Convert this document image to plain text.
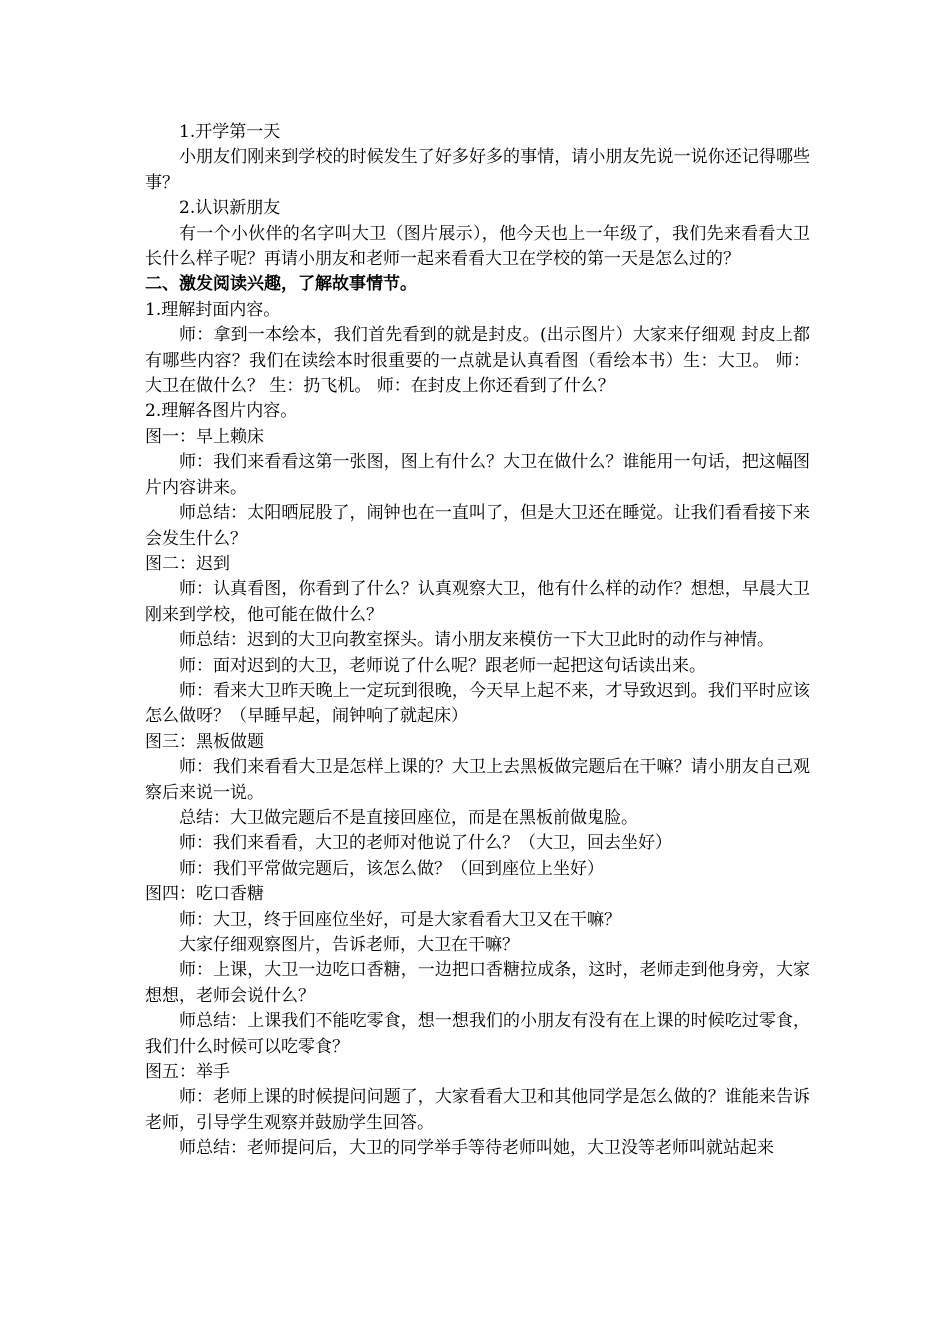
1.开学第一天

小朋友们刚来到学校的时候发生了好多好多的事情，请小朋友先说一说你还记得哪些事？

2.认识新朋友

有一个小伙伴的名字叫大卫（图片展示），他今天也上一年级了，我们先来看看大卫长什么样子呢？再请小朋友和老师一起来看看大卫在学校的第一天是怎么过的？

二、激发阅读兴趣，了解故事情节。

1.理解封面内容。

师：拿到一本绘本，我们首先看到的就是封皮。(出示图片）大家来仔细观 封皮上都有哪些内容？我们在读绘本时很重要的一点就是认真看图（看绘本书）生：大卫。 师：大卫在做什么？ 生：扔飞机。 师：在封皮上你还看到了什么？

2.理解各图片内容。

图一：早上赖床

师：我们来看看这第一张图，图上有什么？大卫在做什么？谁能用一句话，把这幅图片内容讲来。

师总结：太阳晒屁股了，闹钟也在一直叫了，但是大卫还在睡觉。让我们看看接下来会发生什么？

图二：迟到

师：认真看图，你看到了什么？认真观察大卫，他有什么样的动作？想想，早晨大卫刚来到学校，他可能在做什么？

师总结：迟到的大卫向教室探头。请小朋友来模仿一下大卫此时的动作与神情。

师：面对迟到的大卫，老师说了什么呢？跟老师一起把这句话读出来。

师：看来大卫昨天晚上一定玩到很晚，今天早上起不来，才导致迟到。我们平时应该怎么做呀？（早睡早起，闹钟响了就起床）

图三：黑板做题

师：我们来看看大卫是怎样上课的？大卫上去黑板做完题后在干嘛？请小朋友自己观察后来说一说。

总结：大卫做完题后不是直接回座位，而是在黑板前做鬼脸。

师：我们来看看，大卫的老师对他说了什么？（大卫，回去坐好）

师：我们平常做完题后，该怎么做？（回到座位上坐好）

图四：吃口香糖

师：大卫，终于回座位坐好，可是大家看看大卫又在干嘛？

大家仔细观察图片，告诉老师，大卫在干嘛？

师：上课，大卫一边吃口香糖，一边把口香糖拉成条，这时，老师走到他身旁，大家想想，老师会说什么？

师总结：上课我们不能吃零食，想一想我们的小朋友有没有在上课的时候吃过零食，我们什么时候可以吃零食？

图五：举手

师：老师上课的时候提问问题了，大家看看大卫和其他同学是怎么做的？谁能来告诉老师，引导学生观察并鼓励学生回答。

师总结：老师提问后，大卫的同学举手等待老师叫她，大卫没等老师叫就站起来
